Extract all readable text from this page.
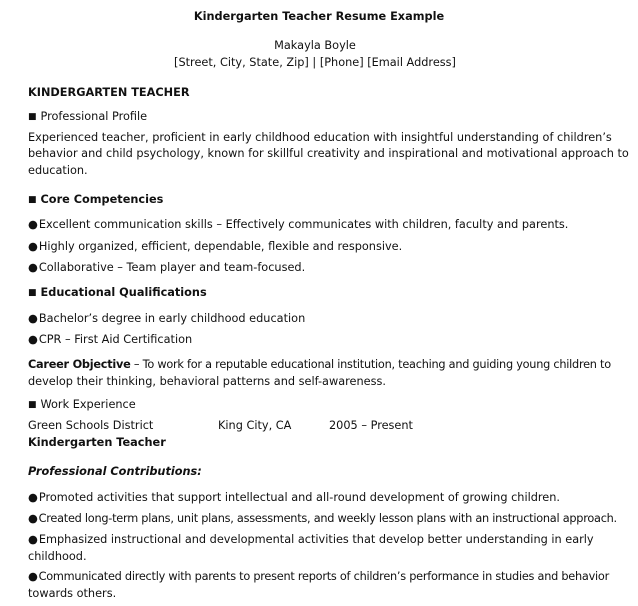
Kindergarten Teacher Resume Example
Makayla Boyle
[Street, City, State, Zip] | [Phone] [Email Address]
KINDERGARTEN TEACHER
■ Professional Profile
Experienced teacher, proficient in early childhood education with insightful understanding of children’s
behavior and child psychology, known for skillful creativity and inspirational and motivational approach to
education.
■ Core Competencies
●Excellent communication skills – Effectively communicates with children, faculty and parents.
●Highly organized, efficient, dependable, flexible and responsive.
●Collaborative – Team player and team-focused.
■ Educational Qualifications
●Bachelor’s degree in early childhood education
●CPR – First Aid Certification
Career Objective – To work for a reputable educational institution, teaching and guiding young children to
develop their thinking, behavioral patterns and self-awareness.
■ Work Experience
Green Schools District	King City, CA	2005 – Present
Kindergarten Teacher
Professional Contributions:
●Promoted activities that support intellectual and all-round development of growing children.
●Created long-term plans, unit plans, assessments, and weekly lesson plans with an instructional approach.
●Emphasized instructional and developmental activities that develop better understanding in early
childhood.
●Communicated directly with parents to present reports of children’s performance in studies and behavior
towards others.
